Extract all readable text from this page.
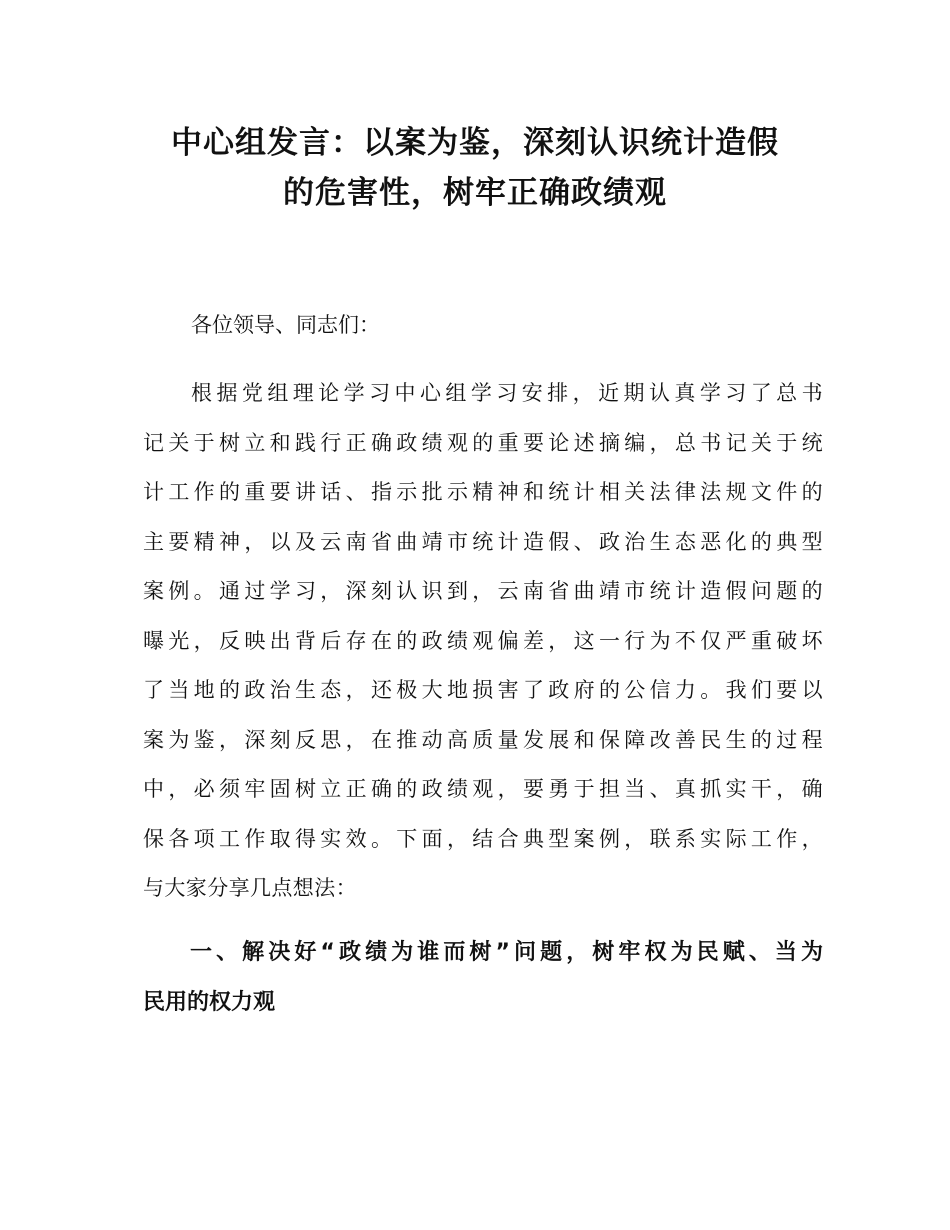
中心组发言：以案为鉴，深刻认识统计造假
的危害性，树牢正确政绩观

各位领导、同志们：

根据党组理论学习中心组学习安排，近期认真学习了总书
记关于树立和践行正确政绩观的重要论述摘编，总书记关于统
计工作的重要讲话、指示批示精神和统计相关法律法规文件的
主要精神，以及云南省曲靖市统计造假、政治生态恶化的典型
案例。通过学习，深刻认识到，云南省曲靖市统计造假问题的
曝光，反映出背后存在的政绩观偏差，这一行为不仅严重破坏
了当地的政治生态，还极大地损害了政府的公信力。我们要以
案为鉴，深刻反思，在推动高质量发展和保障改善民生的过程
中，必须牢固树立正确的政绩观，要勇于担当、真抓实干，确
保各项工作取得实效。下面，结合典型案例，联系实际工作，
与大家分享几点想法：
一、解决好“政绩为谁而树”问题，树牢权为民赋、当为
民用的权力观
